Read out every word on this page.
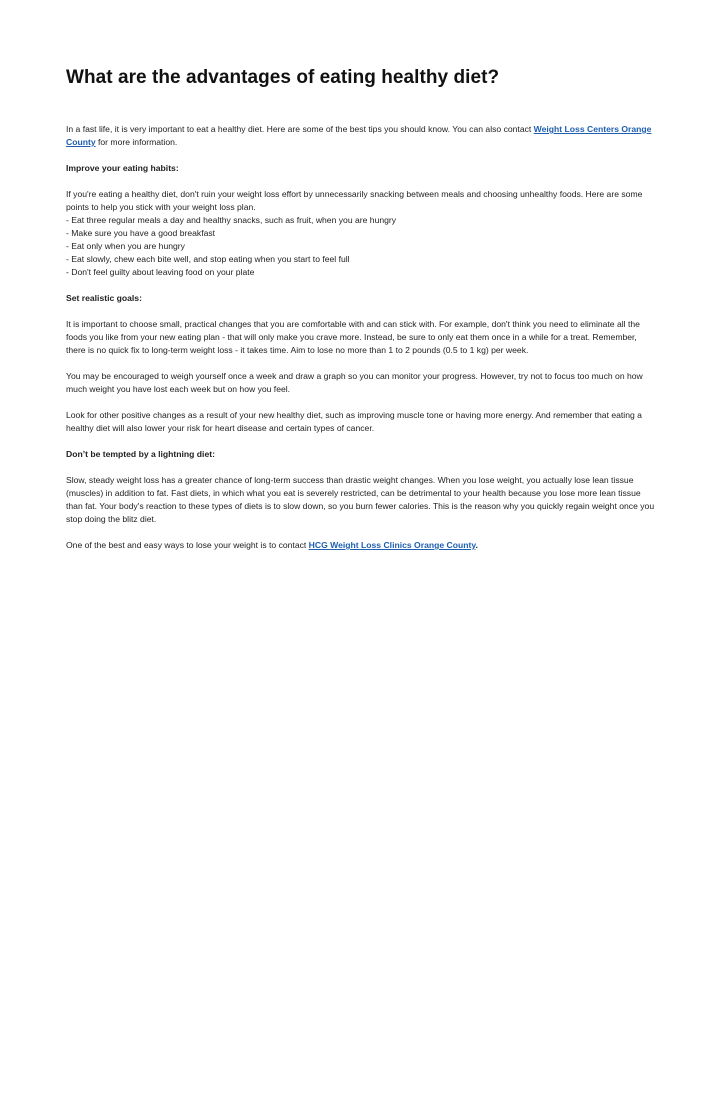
What are the advantages of eating healthy diet?

In a fast life, it is very important to eat a healthy diet. Here are some of the best tips you should know. You can also contact Weight Loss Centers Orange County for more information.

Improve your eating habits:

If you're eating a healthy diet, don't ruin your weight loss effort by unnecessarily snacking between meals and choosing unhealthy foods. Here are some points to help you stick with your weight loss plan.

- Eat three regular meals a day and healthy snacks, such as fruit, when you are hungry
- Make sure you have a good breakfast
- Eat only when you are hungry
- Eat slowly, chew each bite well, and stop eating when you start to feel full
- Don't feel guilty about leaving food on your plate

Set realistic goals:

It is important to choose small, practical changes that you are comfortable with and can stick with. For example, don't think you need to eliminate all the foods you like from your new eating plan - that will only make you crave more. Instead, be sure to only eat them once in a while for a treat. Remember, there is no quick fix to long-term weight loss - it takes time. Aim to lose no more than 1 to 2 pounds (0.5 to 1 kg) per week.

You may be encouraged to weigh yourself once a week and draw a graph so you can monitor your progress. However, try not to focus too much on how much weight you have lost each week but on how you feel.

Look for other positive changes as a result of your new healthy diet, such as improving muscle tone or having more energy. And remember that eating a healthy diet will also lower your risk for heart disease and certain types of cancer.

Don’t be tempted by a lightning diet:

Slow, steady weight loss has a greater chance of long-term success than drastic weight changes. When you lose weight, you actually lose lean tissue (muscles) in addition to fat. Fast diets, in which what you eat is severely restricted, can be detrimental to your health because you lose more lean tissue than fat. Your body's reaction to these types of diets is to slow down, so you burn fewer calories. This is the reason why you quickly regain weight once you stop doing the blitz diet.

One of the best and easy ways to lose your weight is to contact HCG Weight Loss Clinics Orange County.
